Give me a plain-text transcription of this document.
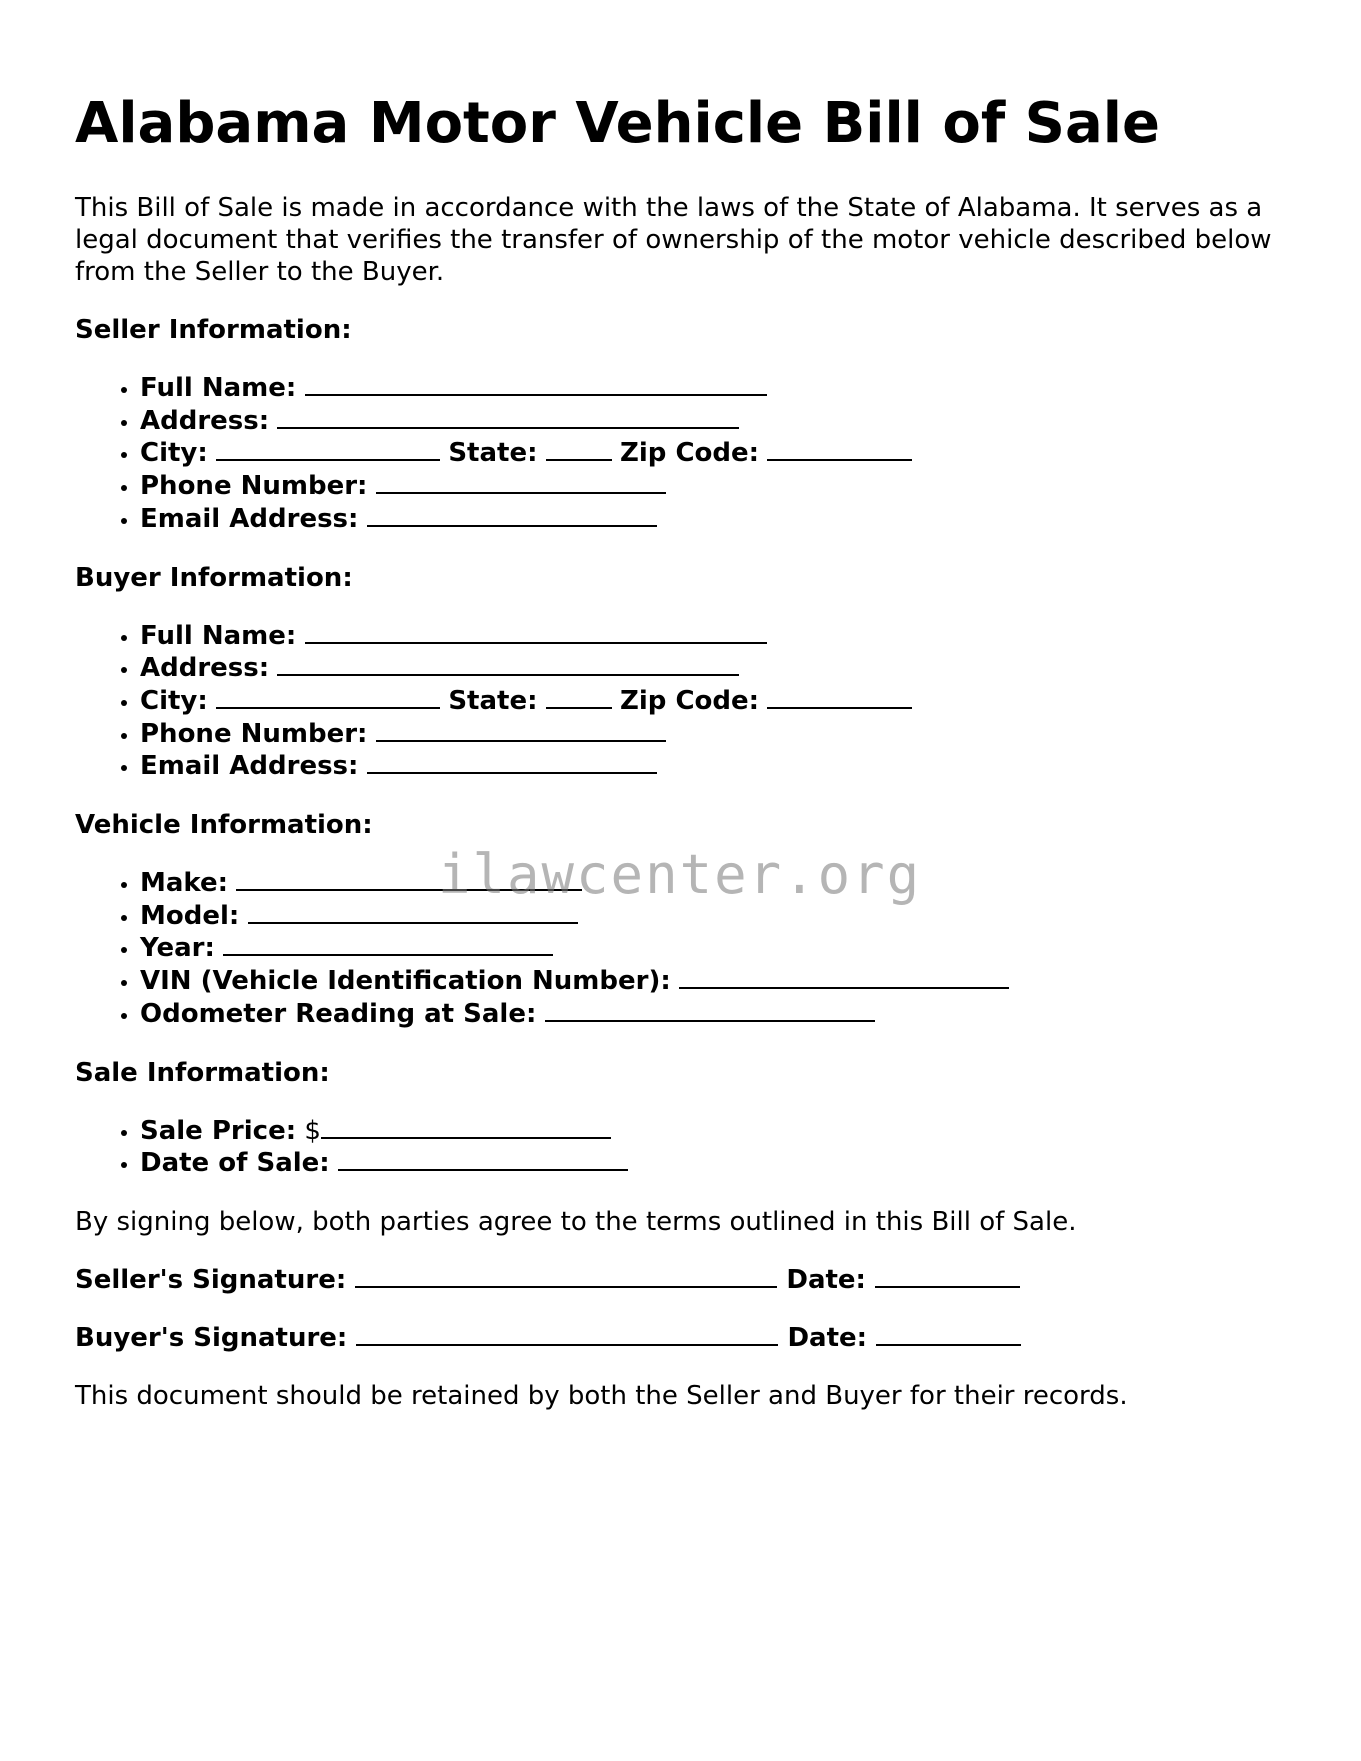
Alabama Motor Vehicle Bill of Sale

This Bill of Sale is made in accordance with the laws of the State of Alabama. It serves as a legal document that verifies the transfer of ownership of the motor vehicle described below from the Seller to the Buyer.

Seller Information:

• Full Name:
• Address:
• City:	State:	Zip Code:
• Phone Number:
• Email Address:

Buyer Information:

• Full Name:
• Address:
• City:	State:	Zip Code:
• Phone Number:
• Email Address:

Vehicle Information:

• Make:
• Model:
• Year:
• VIN (Vehicle Identification Number):
• Odometer Reading at Sale:

Sale Information:

• Sale Price: $
• Date of Sale:

By signing below, both parties agree to the terms outlined in this Bill of Sale.

Seller's Signature:	Date:

Buyer's Signature:	Date:

This document should be retained by both the Seller and Buyer for their records.

ilawcenter.org
